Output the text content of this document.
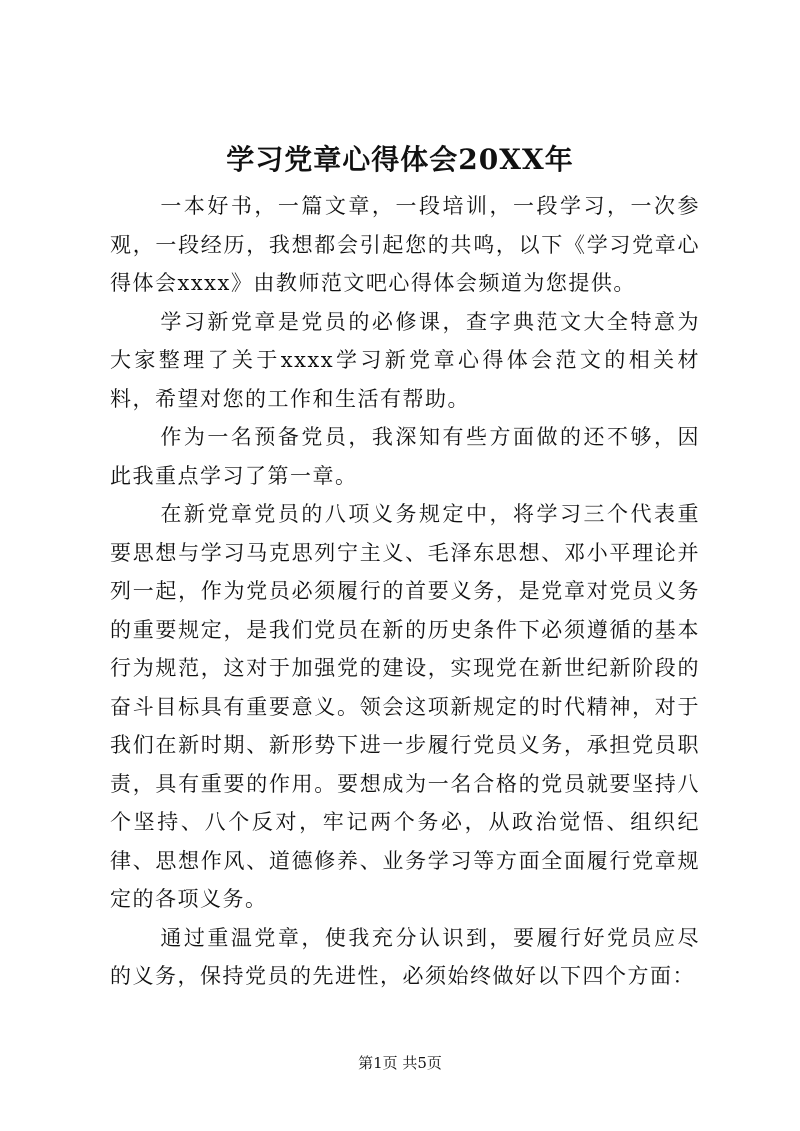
学习党章心得体会20XX年

一本好书，一篇文章，一段培训，一段学习，一次参观，一段经历，我想都会引起您的共鸣，以下《学习党章心得体会xxxx》由教师范文吧心得体会频道为您提供。

学习新党章是党员的必修课，查字典范文大全特意为大家整理了关于xxxx学习新党章心得体会范文的相关材料，希望对您的工作和生活有帮助。

作为一名预备党员，我深知有些方面做的还不够，因此我重点学习了第一章。

在新党章党员的八项义务规定中，将学习三个代表重要思想与学习马克思列宁主义、毛泽东思想、邓小平理论并列一起，作为党员必须履行的首要义务，是党章对党员义务的重要规定，是我们党员在新的历史条件下必须遵循的基本行为规范，这对于加强党的建设，实现党在新世纪新阶段的奋斗目标具有重要意义。领会这项新规定的时代精神，对于我们在新时期、新形势下进一步履行党员义务，承担党员职责，具有重要的作用。要想成为一名合格的党员就要坚持八个坚持、八个反对，牢记两个务必，从政治觉悟、组织纪律、思想作风、道德修养、业务学习等方面全面履行党章规定的各项义务。

通过重温党章，使我充分认识到，要履行好党员应尽的义务，保持党员的先进性，必须始终做好以下四个方面：

第1页 共5页
